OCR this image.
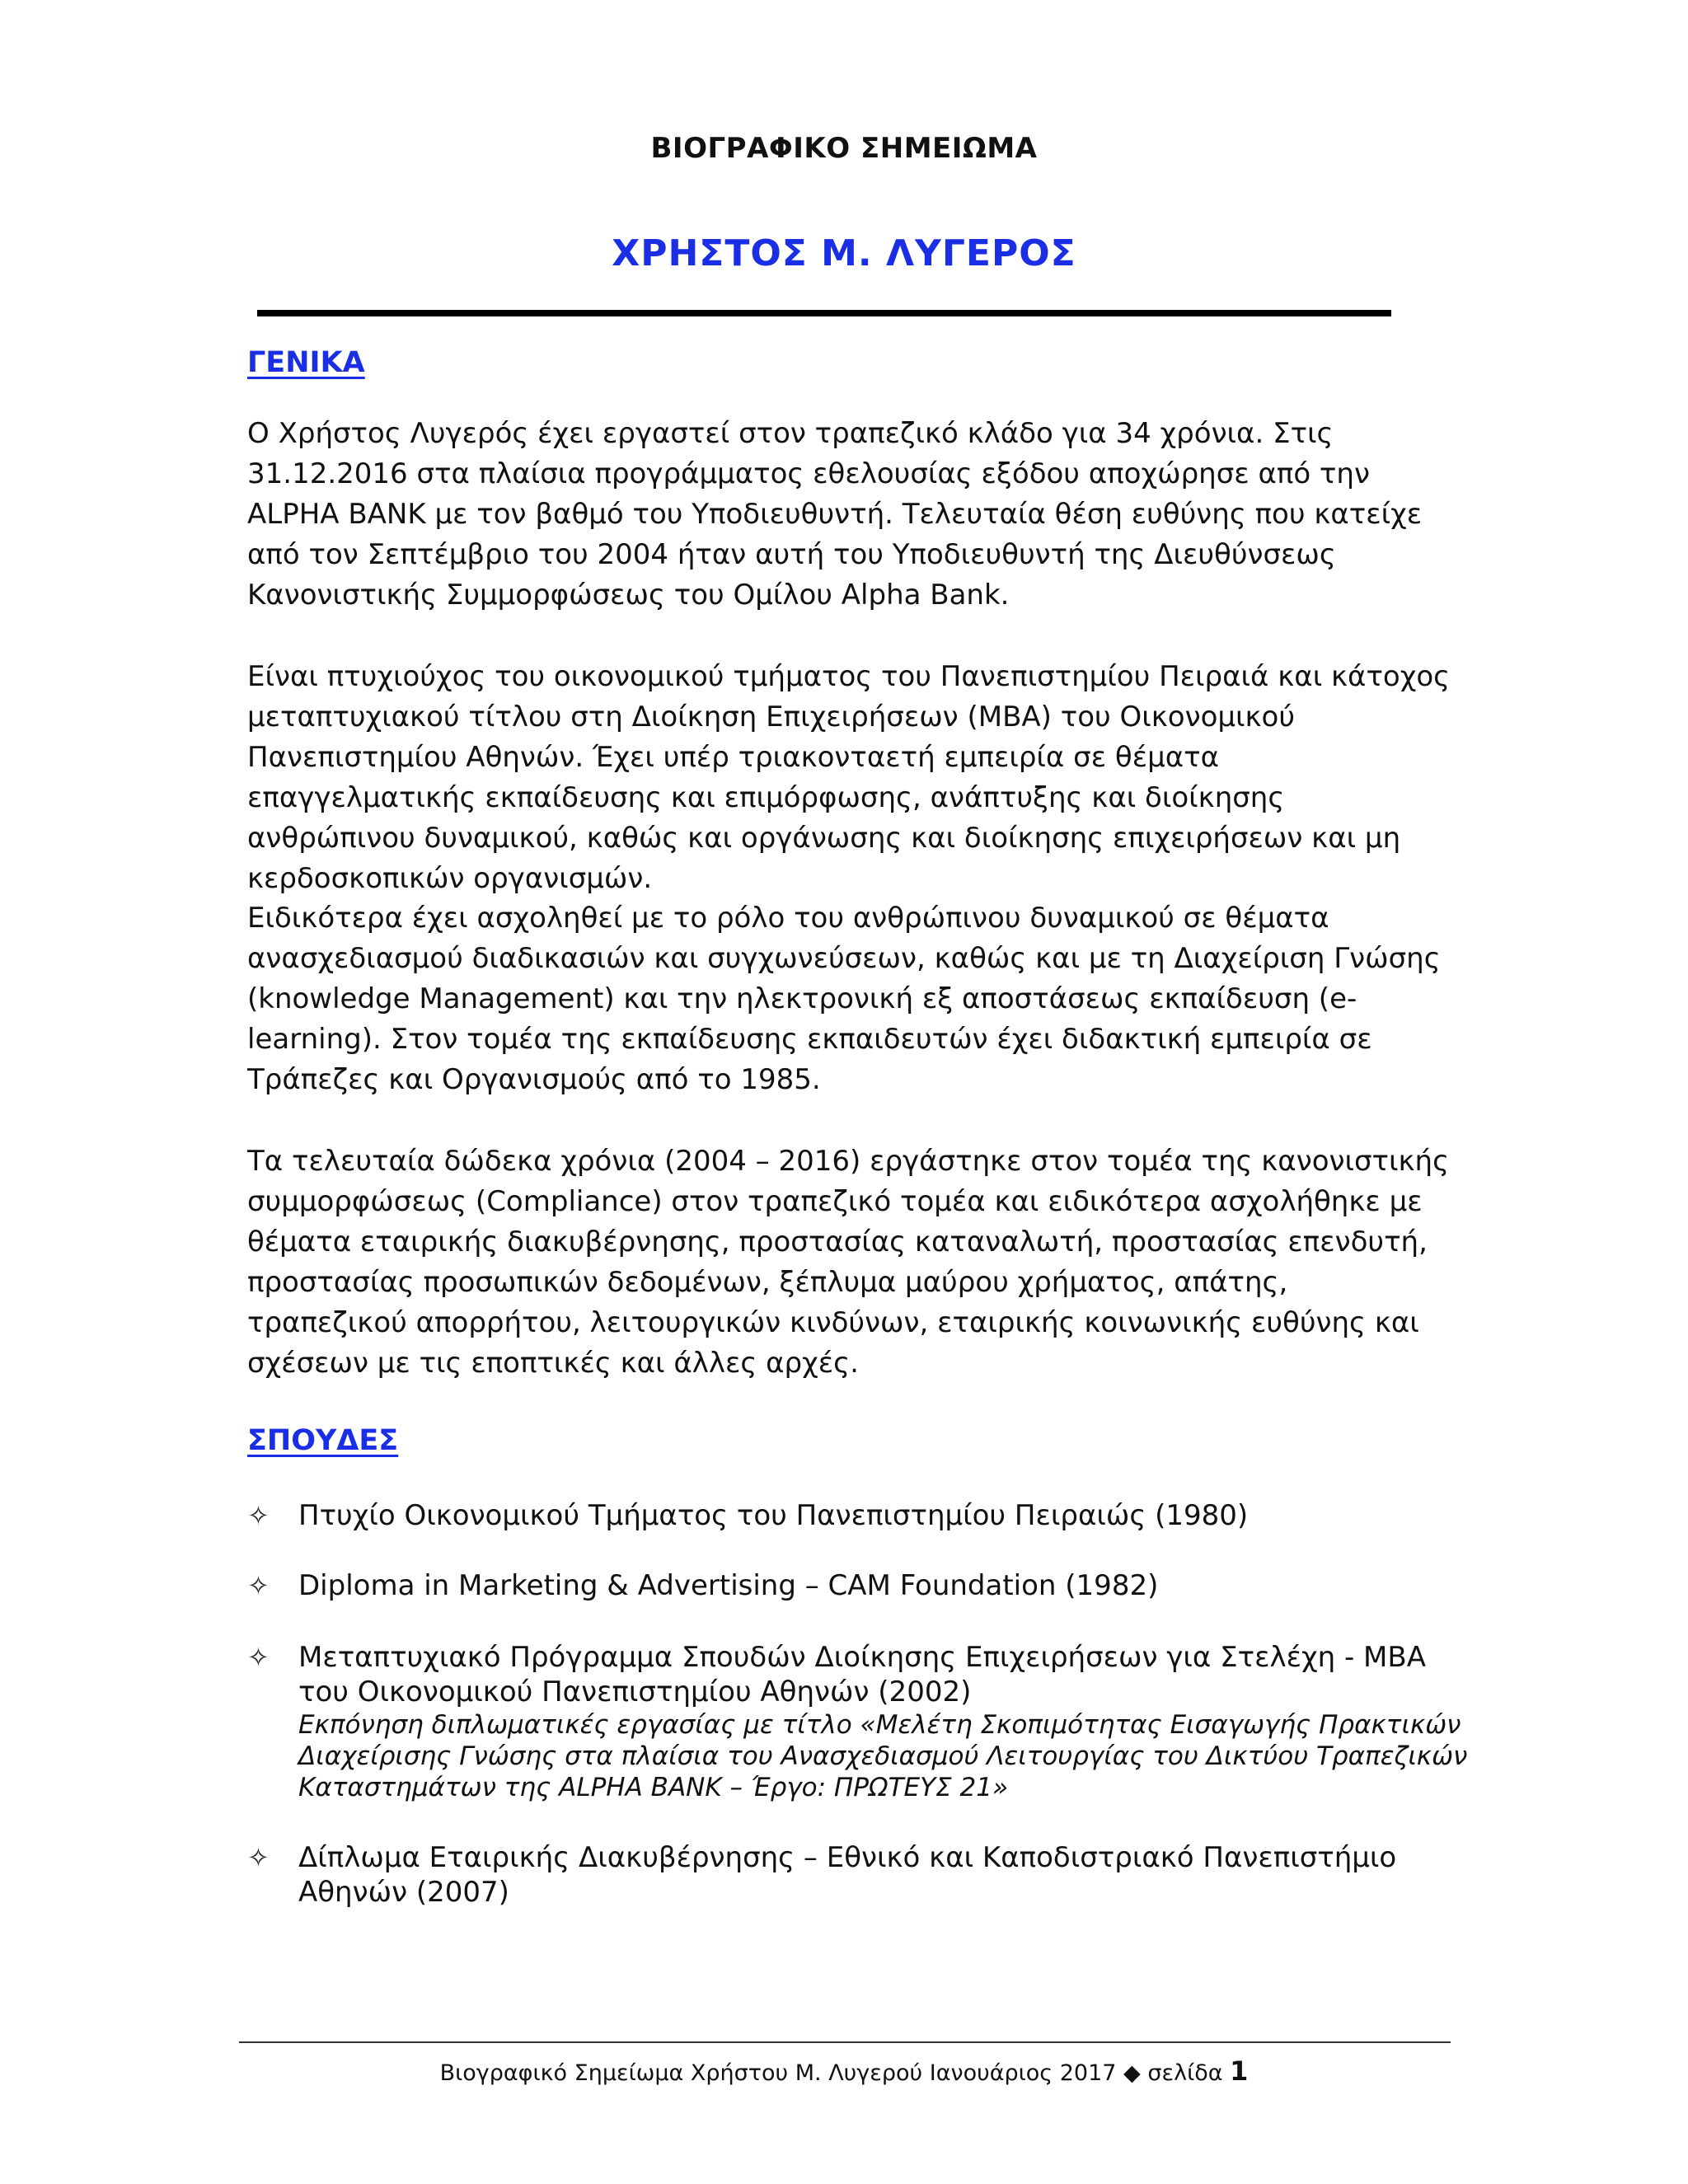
ΒΙΟΓΡΑΦΙΚΟ ΣΗΜΕΙΩΜΑ
ΧΡΗΣΤΟΣ Μ. ΛΥΓΕΡΟΣ
ΓΕΝΙΚΑ
Ο Χρήστος Λυγερός έχει εργαστεί στον τραπεζικό κλάδο για 34 χρόνια. Στις 31.12.2016 στα πλαίσια προγράμματος εθελουσίας εξόδου αποχώρησε από την ALPHA BANK με τον βαθμό του Υποδιευθυντή. Τελευταία θέση ευθύνης που κατείχε από τον Σεπτέμβριο του 2004 ήταν αυτή του Υποδιευθυντή της Διευθύνσεως Κανονιστικής Συμμορφώσεως του Ομίλου Alpha Bank.
Είναι πτυχιούχος του οικονομικού τμήματος του Πανεπιστημίου Πειραιά και κάτοχος μεταπτυχιακού τίτλου στη Διοίκηση Επιχειρήσεων (ΜΒΑ) του Οικονομικού Πανεπιστημίου Αθηνών. Έχει υπέρ τριακονταετή εμπειρία σε θέματα επαγγελματικής εκπαίδευσης και επιμόρφωσης, ανάπτυξης και διοίκησης ανθρώπινου δυναμικού, καθώς και οργάνωσης και διοίκησης επιχειρήσεων και μη κερδοσκοπικών οργανισμών.
Ειδικότερα έχει ασχοληθεί με το ρόλο του ανθρώπινου δυναμικού σε θέματα ανασχεδιασμού διαδικασιών και συγχωνεύσεων, καθώς και με τη Διαχείριση Γνώσης (knowledge Management) και την ηλεκτρονική εξ αποστάσεως εκπαίδευση (e-learning). Στον τομέα της εκπαίδευσης εκπαιδευτών έχει διδακτική εμπειρία σε Τράπεζες και Οργανισμούς από το 1985.
Τα τελευταία δώδεκα χρόνια (2004 – 2016) εργάστηκε στον τομέα της κανονιστικής συμμορφώσεως (Compliance) στον τραπεζικό τομέα και ειδικότερα ασχολήθηκε με θέματα εταιρικής διακυβέρνησης, προστασίας καταναλωτή, προστασίας επενδυτή, προστασίας προσωπικών δεδομένων, ξέπλυμα μαύρου χρήματος, απάτης, τραπεζικού απορρήτου, λειτουργικών κινδύνων, εταιρικής κοινωνικής ευθύνης και σχέσεων με τις εποπτικές και άλλες αρχές.
ΣΠΟΥΔΕΣ
✧	Πτυχίο Οικονομικού Τμήματος του Πανεπιστημίου Πειραιώς (1980)
✧	Diploma in Marketing & Advertising – CAM Foundation (1982)
✧	Μεταπτυχιακό Πρόγραμμα Σπουδών Διοίκησης Επιχειρήσεων για Στελέχη - ΜΒΑ του Οικονομικού Πανεπιστημίου Αθηνών (2002)
Εκπόνηση διπλωματικές εργασίας με τίτλο «Μελέτη Σκοπιμότητας Εισαγωγής Πρακτικών Διαχείρισης Γνώσης στα πλαίσια του Ανασχεδιασμού Λειτουργίας του Δικτύου Τραπεζικών Καταστημάτων της ALPHA BANK – Έργο: ΠΡΩΤΕΥΣ 21»
✧	Δίπλωμα Εταιρικής Διακυβέρνησης – Εθνικό και Καποδιστριακό Πανεπιστήμιο Αθηνών (2007)
Βιογραφικό Σημείωμα Χρήστου Μ. Λυγερού Ιανουάριος 2017 ◆ σελίδα 1
